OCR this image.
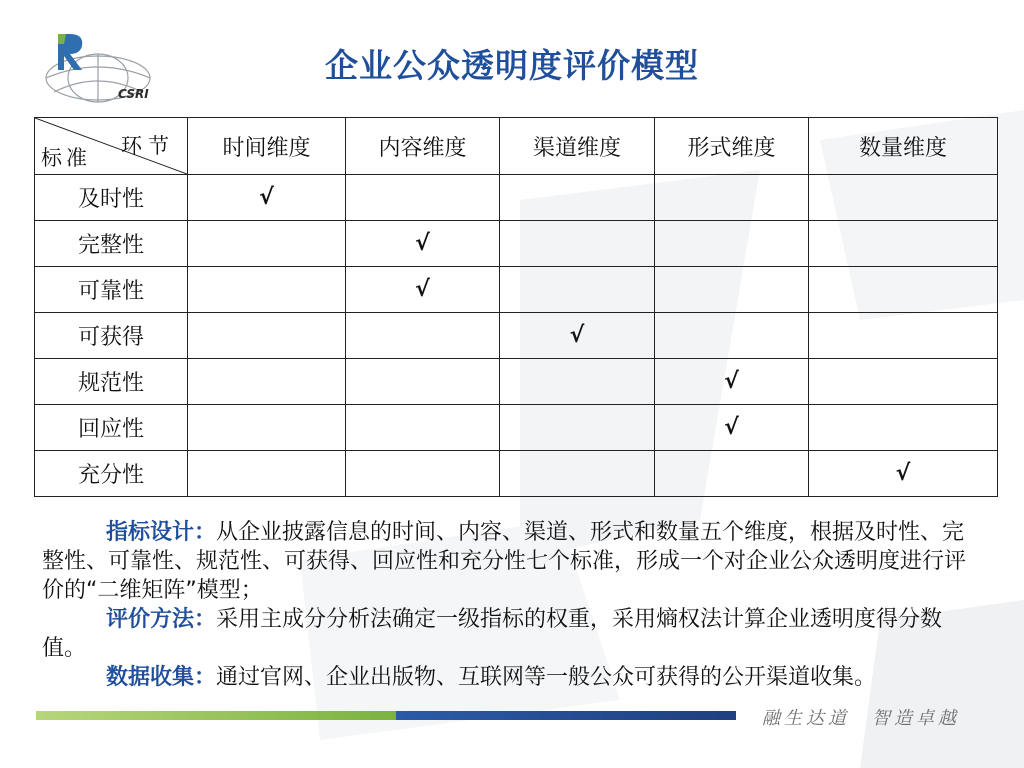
CSRI
企业公众透明度评价模型
环节
标准	时间维度	内容维度	渠道维度	形式维度	数量维度
及时性	√				
完整性		√			
可靠性		√			
可获得			√		
规范性				√	
回应性				√	
充分性					√

指标设计：从企业披露信息的时间、内容、渠道、形式和数量五个维度，根据及时性、完整性、可靠性、规范性、可获得、回应性和充分性七个标准，形成一个对企业公众透明度进行评价的“二维矩阵”模型；

评价方法：采用主成分分析法确定一级指标的权重，采用熵权法计算企业透明度得分数值。

数据收集：通过官网、企业出版物、互联网等一般公众可获得的公开渠道收集。

融生达道　智造卓越
